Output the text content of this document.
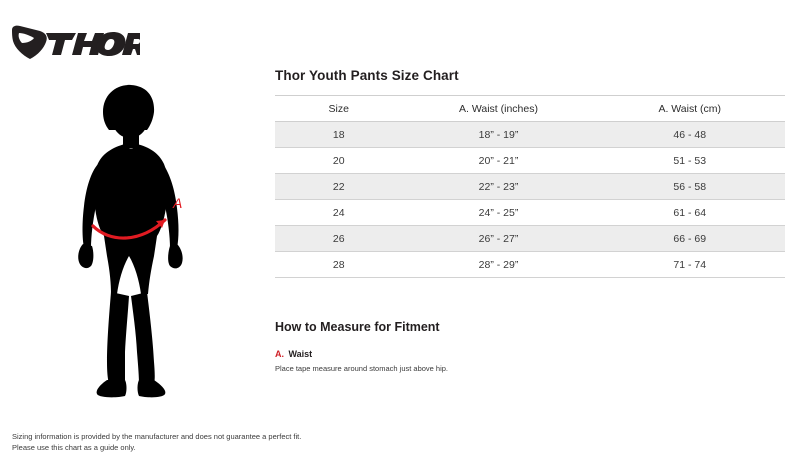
A
Sizing information is provided by the manufacturer and does not guarantee a perfect fit.
Please use this chart as a guide only.
Thor Youth Pants Size Chart
Size	A. Waist (inches)	A. Waist (cm)
18	18” - 19”	46 - 48
20	20” - 21”	51 - 53
22	22” - 23”	56 - 58
24	24” - 25”	61 - 64
26	26” - 27”	66 - 69
28	28” - 29”	71 - 74
How to Measure for Fitment
A. Waist
Place tape measure around stomach just above hip.
